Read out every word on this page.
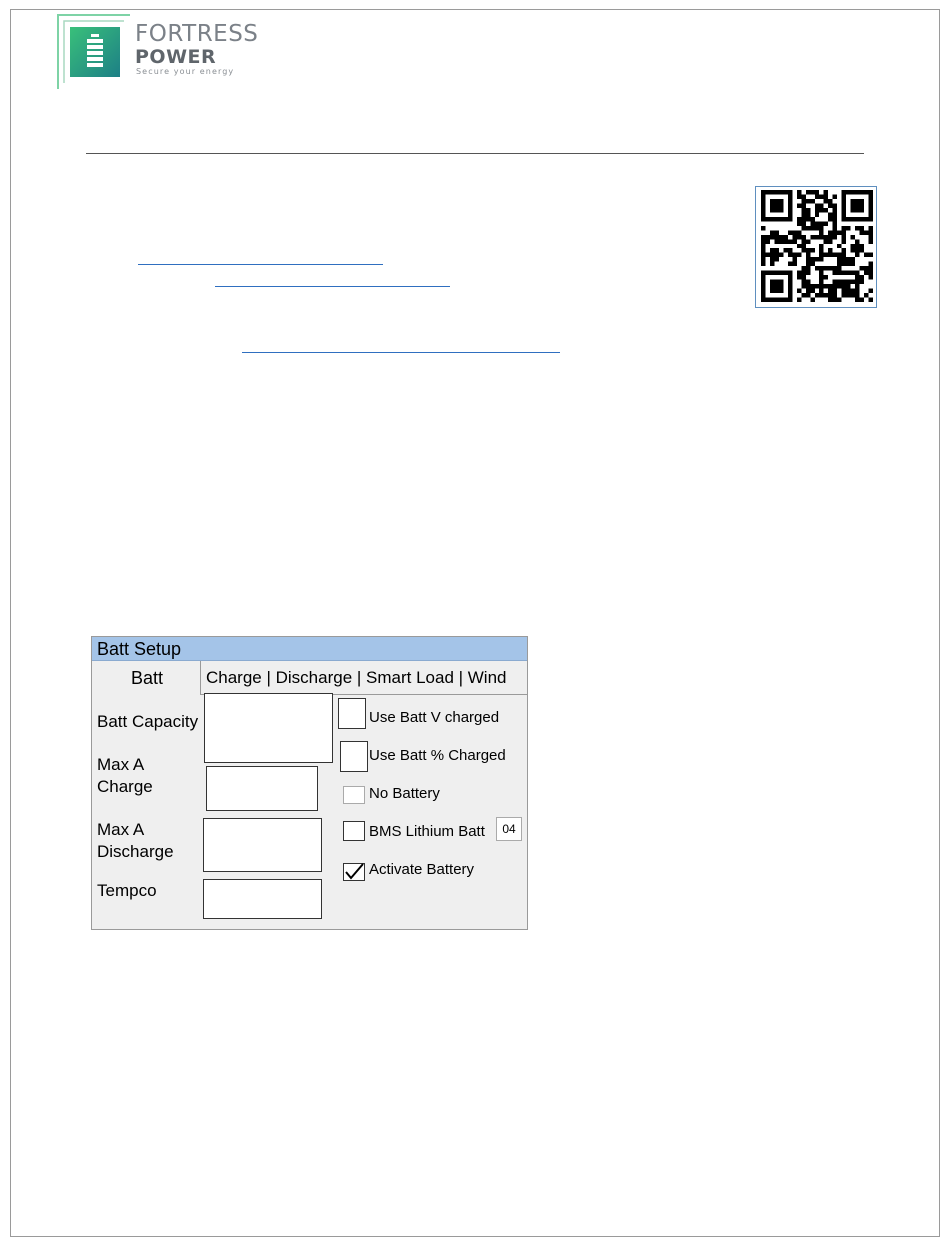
FORTRESS
POWER
Secure your energy
Batt Setup
Batt	Charge | Discharge | Smart Load | Wind
Batt Capacity
Max A
Charge
Max A
Discharge
Tempco
Use Batt V charged
Use Batt % Charged
No Battery
BMS Lithium Batt	04
Activate Battery
